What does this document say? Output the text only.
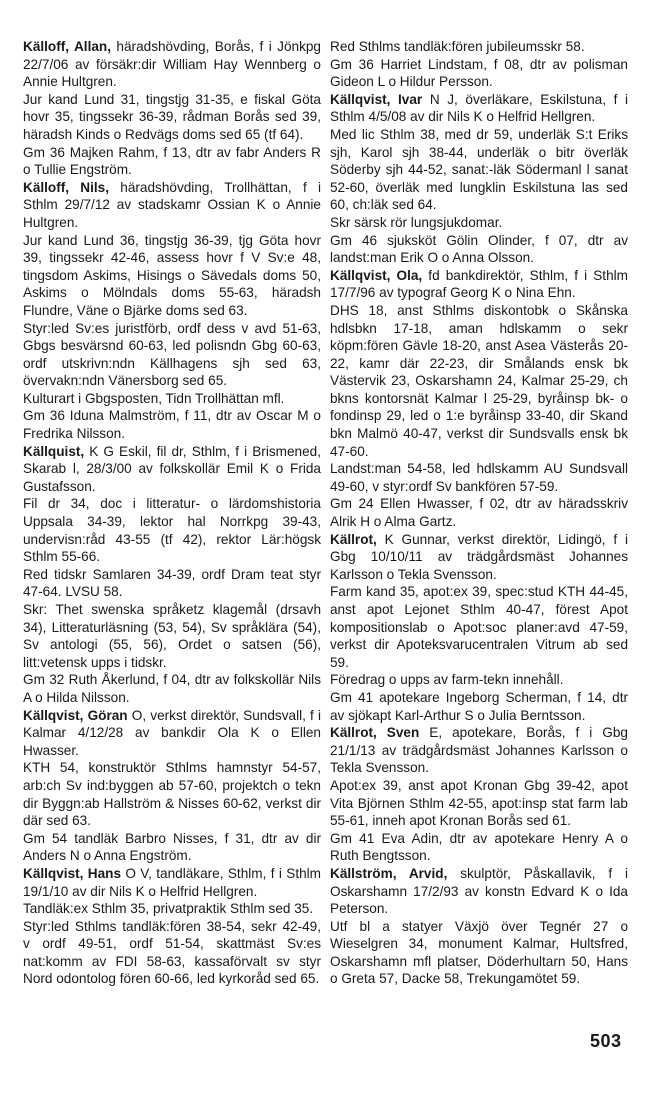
Källoff, Allan, häradshövding, Borås, f i Jönkpg 22/7/06 av försäkr:dir William Hay Wennberg o Annie Hultgren.

Jur kand Lund 31, tingstjg 31-35, e fiskal Göta hovr 35, tingssekr 36-39, rådman Borås sed 39, häradsh Kinds o Redvägs doms sed 65 (tf 64).

Gm 36 Majken Rahm, f 13, dtr av fabr Anders R o Tullie Engström.

Källoff, Nils, häradshövding, Trollhättan, f i Sthlm 29/7/12 av stadskamr Ossian K o Annie Hultgren.

Jur kand Lund 36, tingstjg 36-39, tjg Göta hovr 39, tingssekr 42-46, assess hovr f V Sv:e 48, tingsdom Askims, Hisings o Sävedals doms 50, Askims o Mölndals doms 55-63, häradsh Flundre, Väne o Bjärke doms sed 63.

Styr:led Sv:es juristförb, ordf dess v avd 51-63, Gbgs besvärsnd 60-63, led polisndn Gbg 60-63, ordf utskrivn:ndn Källhagens sjh sed 63, övervakn:ndn Vänersborg sed 65.

Kulturart i Gbgsposten, Tidn Trollhättan mfl.

Gm 36 Iduna Malmström, f 11, dtr av Oscar M o Fredrika Nilsson.

Källquist, K G Eskil, fil dr, Sthlm, f i Brismened, Skarab l, 28/3/00 av folkskollär Emil K o Frida Gustafsson.

Fil dr 34, doc i litteratur- o lärdomshistoria Uppsala 34-39, lektor hal Norrkpg 39-43, undervisn:råd 43-55 (tf 42), rektor Lär:högsk Sthlm 55-66.

Red tidskr Samlaren 34-39, ordf Dram teat styr 47-64. LVSU 58.

Skr: Thet swenska språketz klagemål (drsavh 34), Litteraturläsning (53, 54), Sv språklära (54), Sv antologi (55, 56), Ordet o satsen (56), litt:vetensk upps i tidskr.

Gm 32 Ruth Åkerlund, f 04, dtr av folkskollär Nils A o Hilda Nilsson.

Källqvist, Göran O, verkst direktör, Sundsvall, f i Kalmar 4/12/28 av bankdir Ola K o Ellen Hwasser.

KTH 54, konstruktör Sthlms hamnstyr 54-57, arb:ch Sv ind:byggen ab 57-60, projektch o tekn dir Byggn:ab Hallström & Nisses 60-62, verkst dir där sed 63.

Gm 54 tandläk Barbro Nisses, f 31, dtr av dir Anders N o Anna Engström.

Källqvist, Hans O V, tandläkare, Sthlm, f i Sthlm 19/1/10 av dir Nils K o Helfrid Hellgren.

Tandläk:ex Sthlm 35, privatpraktik Sthlm sed 35.

Styr:led Sthlms tandläk:fören 38-54, sekr 42-49, v ordf 49-51, ordf 51-54, skattmäst Sv:es nat:komm av FDI 58-63, kassaförvalt sv styr Nord odontolog fören 60-66, led kyrkoråd sed 65.

Red Sthlms tandläk:fören jubileumsskr 58.

Gm 36 Harriet Lindstam, f 08, dtr av polisman Gideon L o Hildur Persson.

Källqvist, Ivar N J, överläkare, Eskilstuna, f i Sthlm 4/5/08 av dir Nils K o Helfrid Hellgren.

Med lic Sthlm 38, med dr 59, underläk S:t Eriks sjh, Karol sjh 38-44, underläk o bitr överläk Söderby sjh 44-52, sanat:-läk Södermanl l sanat 52-60, överläk med lungklin Eskilstuna las sed 60, ch:läk sed 64.

Skr särsk rör lungsjukdomar.

Gm 46 sjuksköt Gölin Olinder, f 07, dtr av landst:man Erik O o Anna Olsson.

Källqvist, Ola, fd bankdirektör, Sthlm, f i Sthlm 17/7/96 av typograf Georg K o Nina Ehn.

DHS 18, anst Sthlms diskontobk o Skånska hdlsbkn 17-18, aman hdlskamm o sekr köpm:fören Gävle 18-20, anst Asea Västerås 20-22, kamr där 22-23, dir Smålands ensk bk Västervik 23, Oskarshamn 24, Kalmar 25-29, ch bkns kontorsnät Kalmar l 25-29, byråinsp bk- o fondinsp 29, led o 1:e byråinsp 33-40, dir Skand bkn Malmö 40-47, verkst dir Sundsvalls ensk bk 47-60.

Landst:man 54-58, led hdlskamm AU Sundsvall 49-60, v styr:ordf Sv bankfören 57-59.

Gm 24 Ellen Hwasser, f 02, dtr av häradsskriv Alrik H o Alma Gartz.

Källrot, K Gunnar, verkst direktör, Lidingö, f i Gbg 10/10/11 av trädgårdsmäst Johannes Karlsson o Tekla Svensson.

Farm kand 35, apot:ex 39, spec:stud KTH 44-45, anst apot Lejonet Sthlm 40-47, förest Apot kompositionslab o Apot:soc planer:avd 47-59, verkst dir Apoteksvarucentralen Vitrum ab sed 59.

Föredrag o upps av farm-tekn innehåll.

Gm 41 apotekare Ingeborg Scherman, f 14, dtr av sjökapt Karl-Arthur S o Julia Berntsson.

Källrot, Sven E, apotekare, Borås, f i Gbg 21/1/13 av trädgårdsmäst Johannes Karlsson o Tekla Svensson.

Apot:ex 39, anst apot Kronan Gbg 39-42, apot Vita Björnen Sthlm 42-55, apot:insp stat farm lab 55-61, inneh apot Kronan Borås sed 61.

Gm 41 Eva Adin, dtr av apotekare Henry A o Ruth Bengtsson.

Källström, Arvid, skulptör, Påskallavik, f i Oskarshamn 17/2/93 av konstn Edvard K o Ida Peterson.

Utf bl a statyer Växjö över Tegnér 27 o Wieselgren 34, monument Kalmar, Hultsfred, Oskarshamn mfl platser, Döderhultarn 50, Hans o Greta 57, Dacke 58, Trekungamötet 59.

503
